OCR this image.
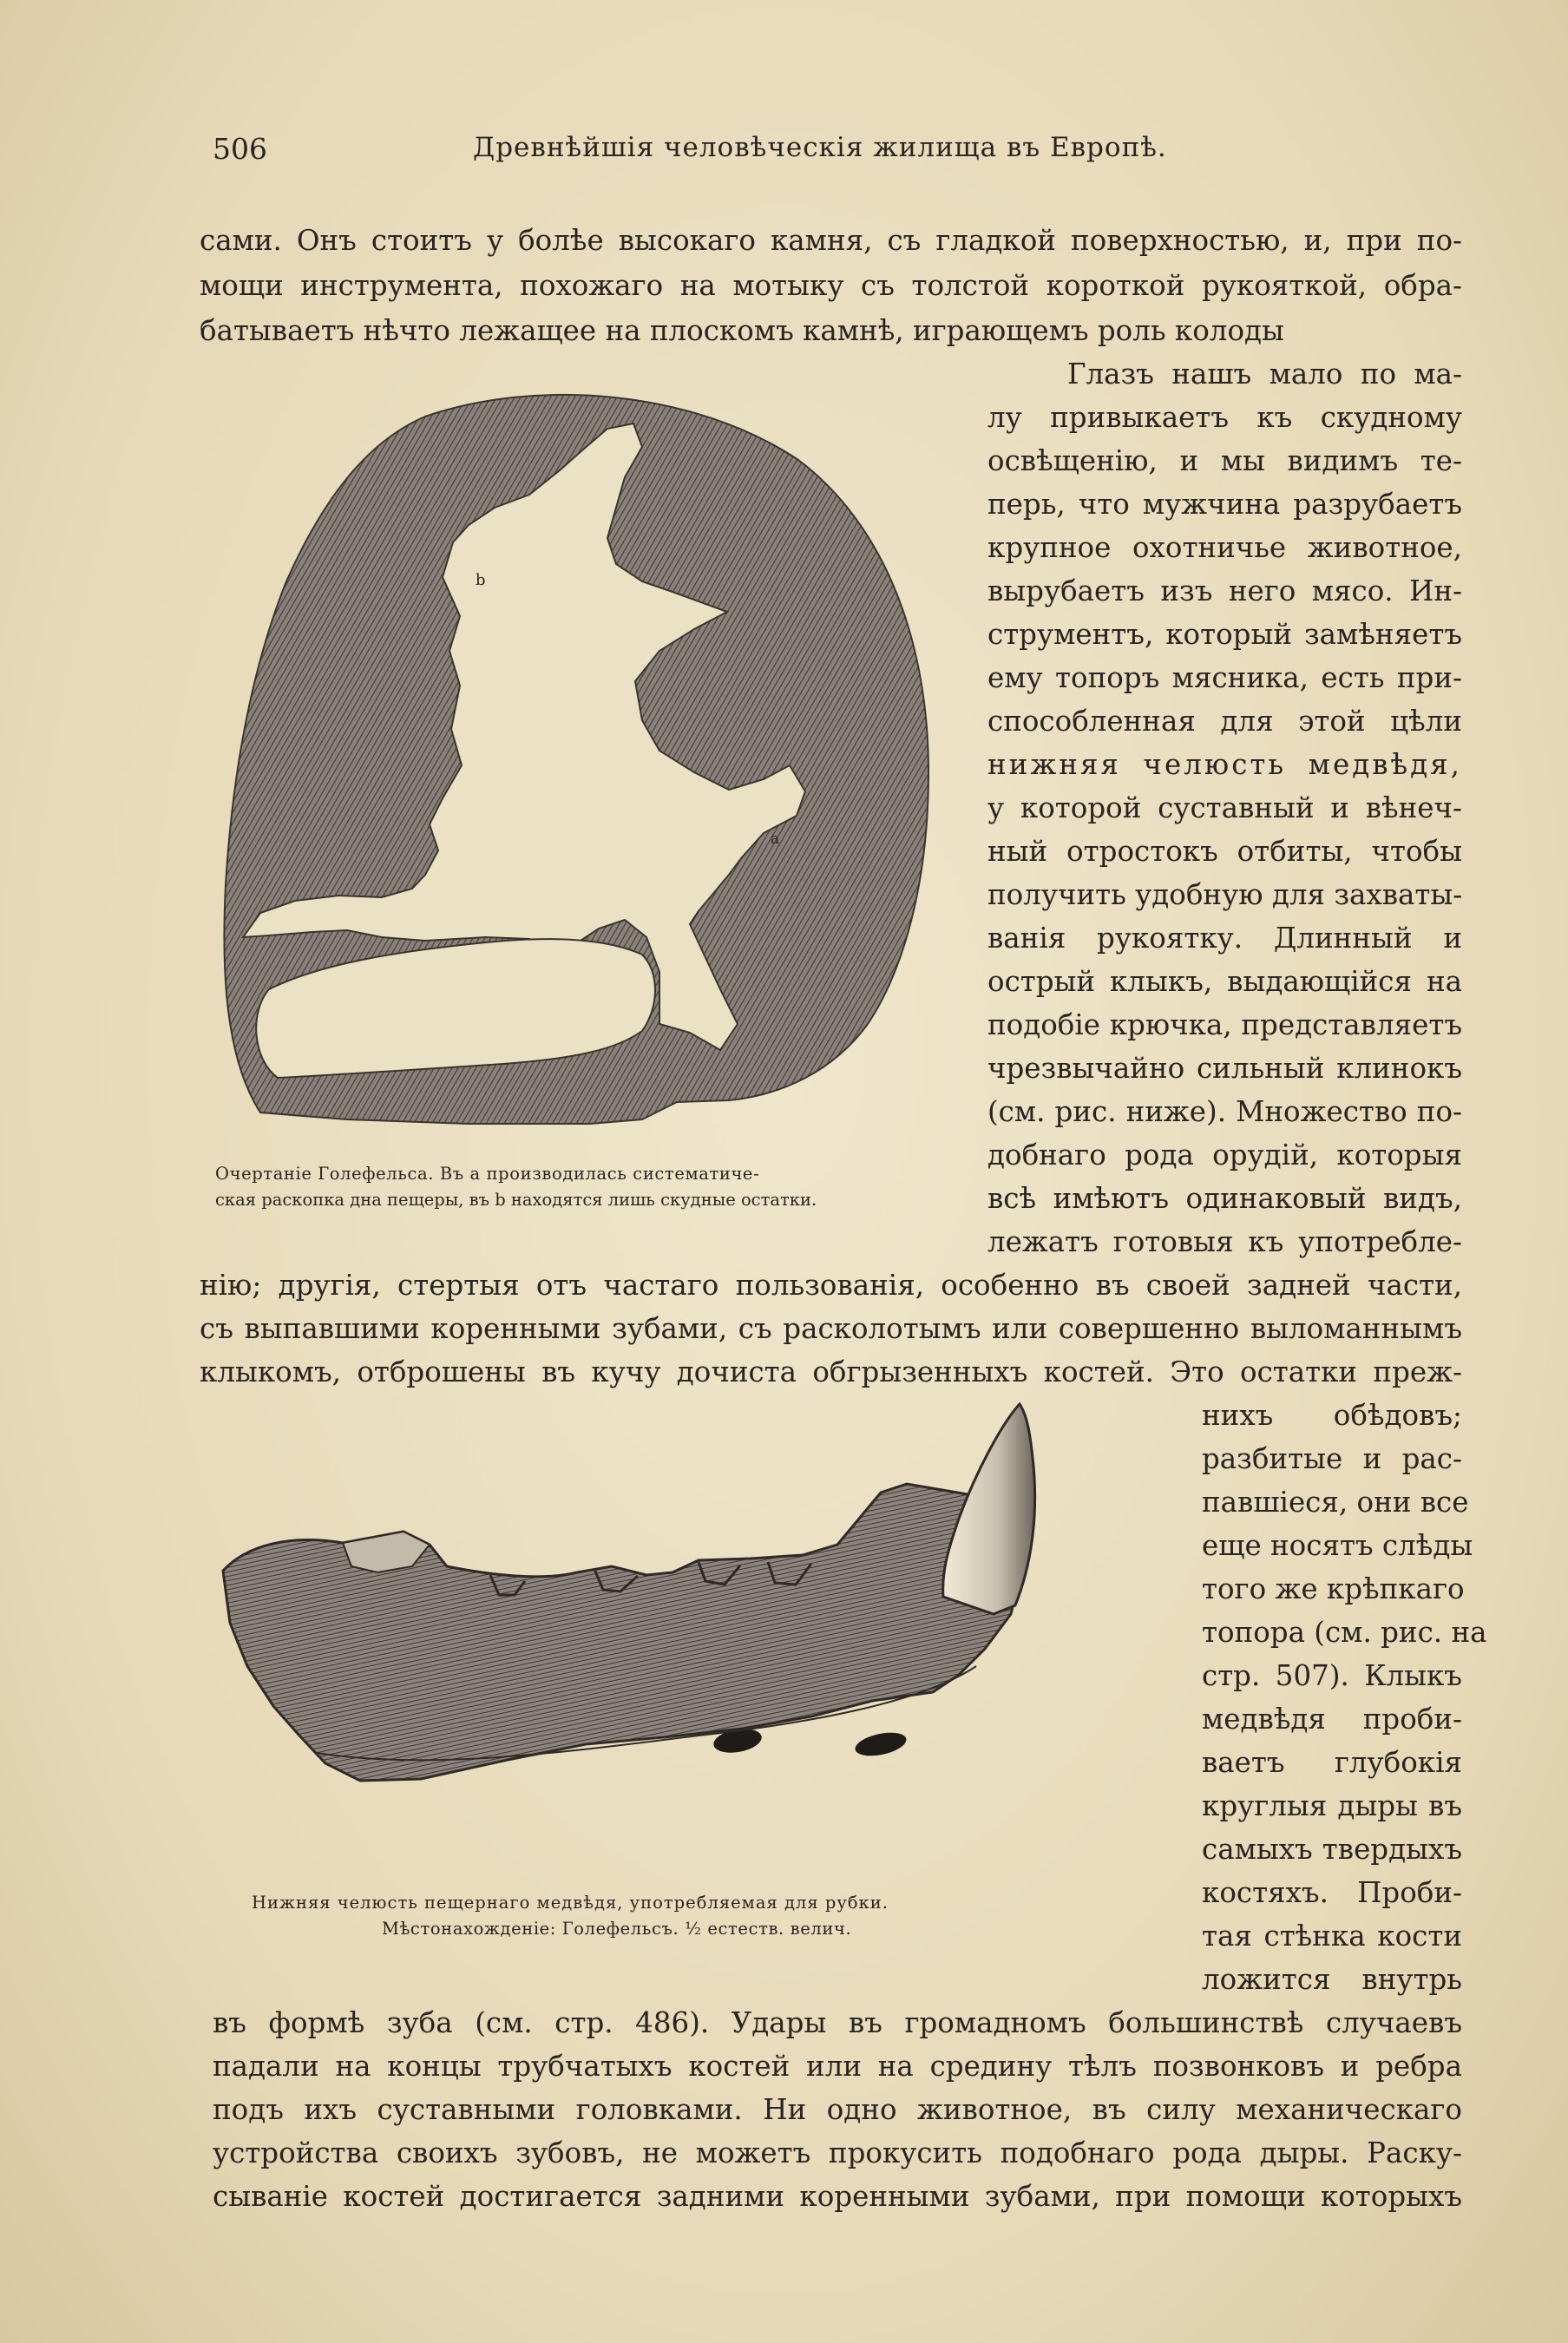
506	Древнѣйшія человѣческія жилища въ Европѣ.
сами. Онъ стоитъ у болѣе высокаго камня, съ гладкой поверхностью, и, при по-
мощи инструмента, похожаго на мотыку съ толстой короткой рукояткой, обра-
батываетъ нѣчто лежащее на плоскомъ камнѣ, играющемъ роль колоды
Глазъ нашъ мало по ма-
лу привыкаетъ къ скудному
освѣщенію, и мы видимъ те-
перь, что мужчина разрубаетъ
крупное охотничье животное,
вырубаетъ изъ него мясо. Ин-
струментъ, который замѣняетъ
ему топоръ мясника, есть при-
способленная для этой цѣли
нижняя челюсть медвѣдя,
у которой суставный и вѣнеч-
ный отростокъ отбиты, чтобы
получить удобную для захваты-
ванія рукоятку. Длинный и
острый клыкъ, выдающійся на
подобіе крючка, представляетъ
чрезвычайно сильный клинокъ
(см. рис. ниже). Множество по-
добнаго рода орудій, которыя
всѣ имѣютъ одинаковый видъ,
лежатъ готовыя къ употребле-
b
a
Очертаніе Голефельса. Въ a производилась систематиче-
ская раскопка дна пещеры, въ b находятся лишь скудные остатки.
нію; другія, стертыя отъ частаго пользованія, особенно въ своей задней части,
съ выпавшими коренными зубами, съ расколотымъ или совершенно выломаннымъ
клыкомъ, отброшены въ кучу дочиста обгрызенныхъ костей. Это остатки преж-
нихъ обѣдовъ;
разбитые и рас-
павшіеся, они все
еще носятъ слѣды
того же крѣпкаго
топора (см. рис. на
стр. 507). Клыкъ
медвѣдя проби-
ваетъ глубокія
круглыя дыры въ
самыхъ твердыхъ
костяхъ. Проби-
тая стѣнка кости
ложится внутрь
Нижняя челюсть пещернаго медвѣдя, употребляемая для рубки.
Мѣстонахожденіе: Голефельсъ. ½ естеств. велич.
въ формѣ зуба (см. стр. 486). Удары въ громадномъ большинствѣ случаевъ
падали на концы трубчатыхъ костей или на средину тѣлъ позвонковъ и ребра
подъ ихъ суставными головками. Ни одно животное, въ силу механическаго
устройства своихъ зубовъ, не можетъ прокусить подобнаго рода дыры. Раску-
сываніе костей достигается задними коренными зубами, при помощи которыхъ
